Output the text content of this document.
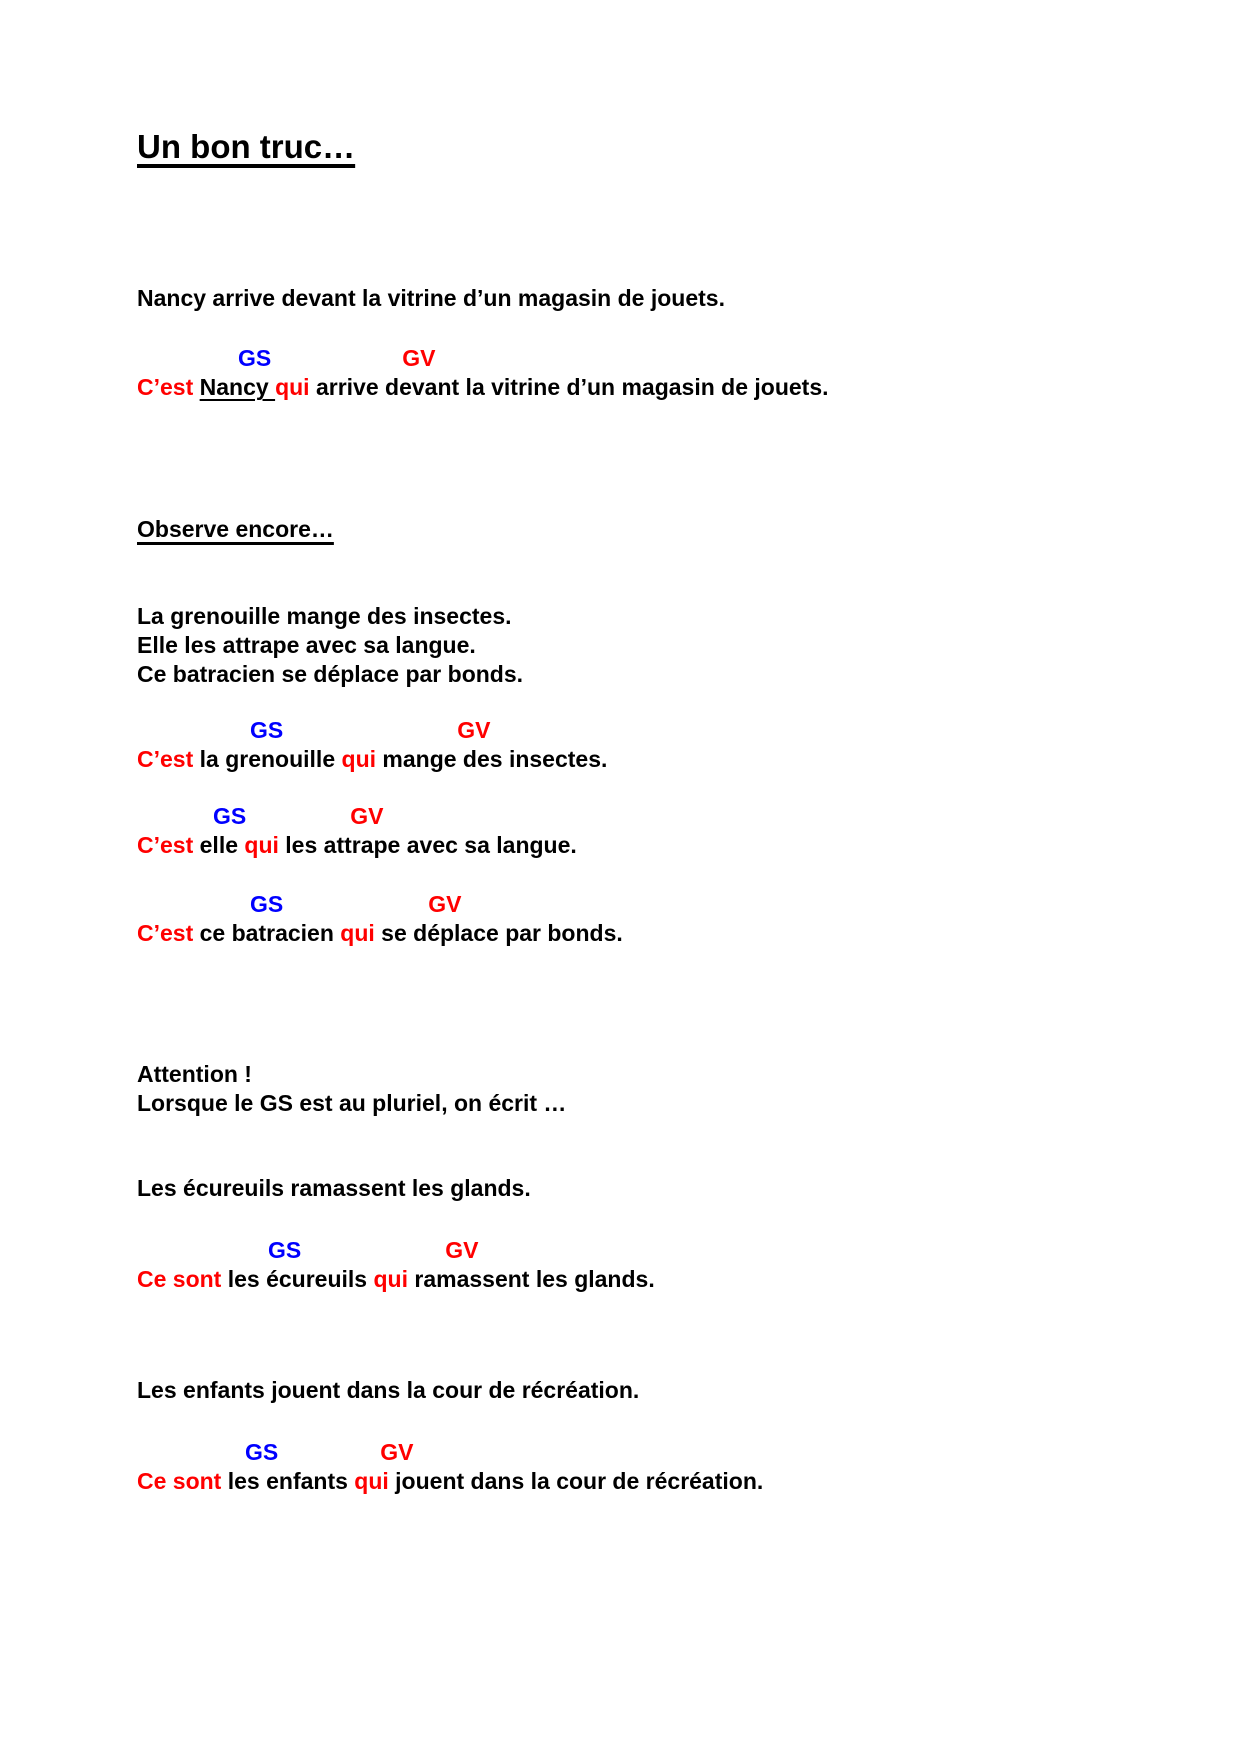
Un bon truc…
Nancy arrive devant la vitrine d’un magasin de jouets.
GS	GV
C’est Nancy qui arrive devant la vitrine d’un magasin de jouets.
Observe encore…
La grenouille mange des insectes.
Elle les attrape avec sa langue.
Ce batracien se déplace par bonds.
GS	GV
C’est la grenouille qui mange des insectes.
GS	GV
C’est elle qui les attrape avec sa langue.
GS	GV
C’est ce batracien qui se déplace par bonds.
Attention !
Lorsque le GS est au pluriel, on écrit …
Les écureuils ramassent les glands.
GS	GV
Ce sont les écureuils qui ramassent les glands.
Les enfants jouent dans la cour de récréation.
GS	GV
Ce sont les enfants qui jouent dans la cour de récréation.
